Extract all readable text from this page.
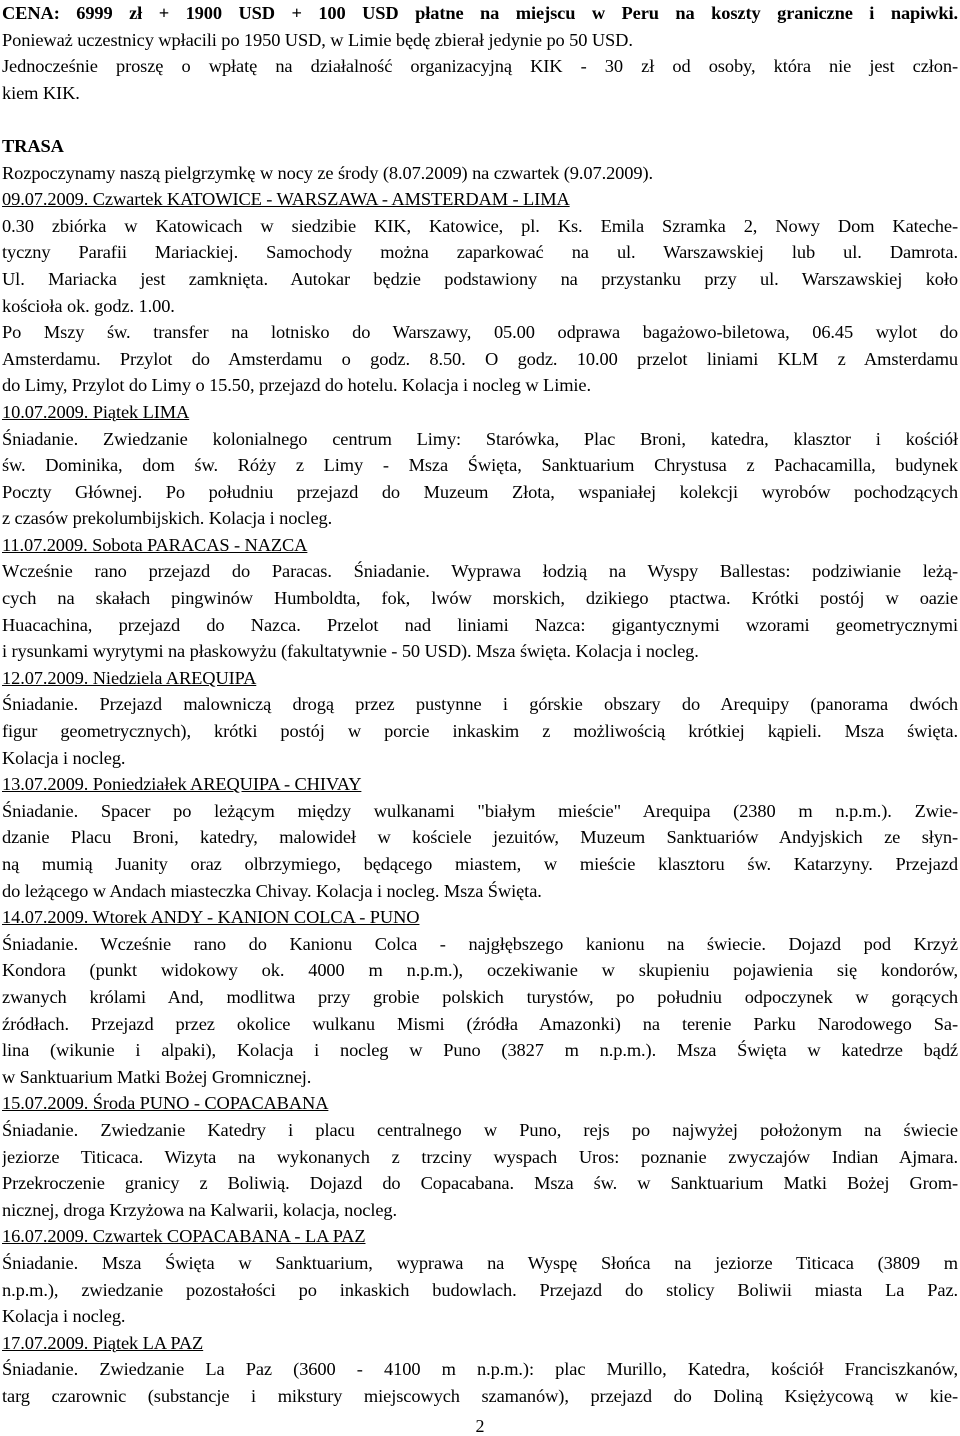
CENA: 6999 zł + 1900 USD + 100 USD płatne na miejscu w Peru na koszty graniczne i napiwki.
Ponieważ uczestnicy wpłacili po 1950 USD, w Limie będę zbierał jedynie po 50 USD.
Jednocześnie proszę o wpłatę na działalność organizacyjną KIK - 30 zł od osoby, która nie jest człon-
kiem KIK.

TRASA
Rozpoczynamy naszą pielgrzymkę w nocy ze środy (8.07.2009) na czwartek (9.07.2009).
09.07.2009. Czwartek KATOWICE - WARSZAWA - AMSTERDAM - LIMA
0.30 zbiórka w Katowicach w siedzibie KIK, Katowice, pl. Ks. Emila Szramka 2, Nowy Dom Kateche-
tyczny Parafii Mariackiej. Samochody można zaparkować na ul. Warszawskiej lub ul. Damrota.
Ul. Mariacka jest zamknięta. Autokar będzie podstawiony na przystanku przy ul. Warszawskiej koło
kościoła ok. godz. 1.00.
Po Mszy św. transfer na lotnisko do Warszawy, 05.00 odprawa bagażowo-biletowa, 06.45 wylot do
Amsterdamu. Przylot do Amsterdamu o godz. 8.50. O godz. 10.00 przelot liniami KLM z Amsterdamu
do Limy, Przylot do Limy o 15.50, przejazd do hotelu. Kolacja i nocleg w Limie.
10.07.2009. Piątek LIMA
Śniadanie. Zwiedzanie kolonialnego centrum Limy: Starówka, Plac Broni, katedra, klasztor i kościół
św. Dominika, dom św. Róży z Limy - Msza Święta, Sanktuarium Chrystusa z Pachacamilla, budynek
Poczty Głównej. Po południu przejazd do Muzeum Złota, wspaniałej kolekcji wyrobów pochodzących
z czasów prekolumbijskich. Kolacja i nocleg.
11.07.2009. Sobota PARACAS - NAZCA
Wcześnie rano przejazd do Paracas. Śniadanie. Wyprawa łodzią na Wyspy Ballestas: podziwianie leżą-
cych na skałach pingwinów Humboldta, fok, lwów morskich, dzikiego ptactwa. Krótki postój w oazie
Huacachina, przejazd do Nazca. Przelot nad liniami Nazca: gigantycznymi wzorami geometrycznymi
i rysunkami wyrytymi na płaskowyżu (fakultatywnie - 50 USD). Msza święta. Kolacja i nocleg.
12.07.2009. Niedziela AREQUIPA
Śniadanie. Przejazd malowniczą drogą przez pustynne i górskie obszary do Arequipy (panorama dwóch
figur geometrycznych), krótki postój w porcie inkaskim z możliwością krótkiej kąpieli. Msza święta.
Kolacja i nocleg.
13.07.2009. Poniedziałek AREQUIPA - CHIVAY
Śniadanie. Spacer po leżącym między wulkanami "białym mieście" Arequipa (2380 m n.p.m.). Zwie-
dzanie Placu Broni, katedry, malowideł w kościele jezuitów, Muzeum Sanktuariów Andyjskich ze słyn-
ną mumią Juanity oraz olbrzymiego, będącego miastem, w mieście klasztoru św. Katarzyny. Przejazd
do leżącego w Andach miasteczka Chivay. Kolacja i nocleg. Msza Święta.
14.07.2009. Wtorek ANDY - KANION COLCA - PUNO
Śniadanie. Wcześnie rano do Kanionu Colca - najgłębszego kanionu na świecie. Dojazd pod Krzyż
Kondora (punkt widokowy ok. 4000 m n.p.m.), oczekiwanie w skupieniu pojawienia się kondorów,
zwanych królami And, modlitwa przy grobie polskich turystów, po południu odpoczynek w gorących
źródłach. Przejazd przez okolice wulkanu Mismi (źródła Amazonki) na terenie Parku Narodowego Sa-
lina (wikunie i alpaki), Kolacja i nocleg w Puno (3827 m n.p.m.). Msza Święta w katedrze bądź
w Sanktuarium Matki Bożej Gromnicznej.
15.07.2009. Środa PUNO - COPACABANA
Śniadanie. Zwiedzanie Katedry i placu centralnego w Puno, rejs po najwyżej położonym na świecie
jeziorze Titicaca. Wizyta na wykonanych z trzciny wyspach Uros: poznanie zwyczajów Indian Ajmara.
Przekroczenie granicy z Boliwią. Dojazd do Copacabana. Msza św. w Sanktuarium Matki Bożej Grom-
nicznej, droga Krzyżowa na Kalwarii, kolacja, nocleg.
16.07.2009. Czwartek COPACABANA - LA PAZ
Śniadanie. Msza Święta w Sanktuarium, wyprawa na Wyspę Słońca na jeziorze Titicaca (3809 m
n.p.m.), zwiedzanie pozostałości po inkaskich budowlach. Przejazd do stolicy Boliwii miasta La Paz.
Kolacja i nocleg.
17.07.2009. Piątek LA PAZ
Śniadanie. Zwiedzanie La Paz (3600 - 4100 m n.p.m.): plac Murillo, Katedra, kościół Franciszkanów,
targ czarownic (substancje i mikstury miejscowych szamanów), przejazd do Doliną Księżycową w kie-
2
